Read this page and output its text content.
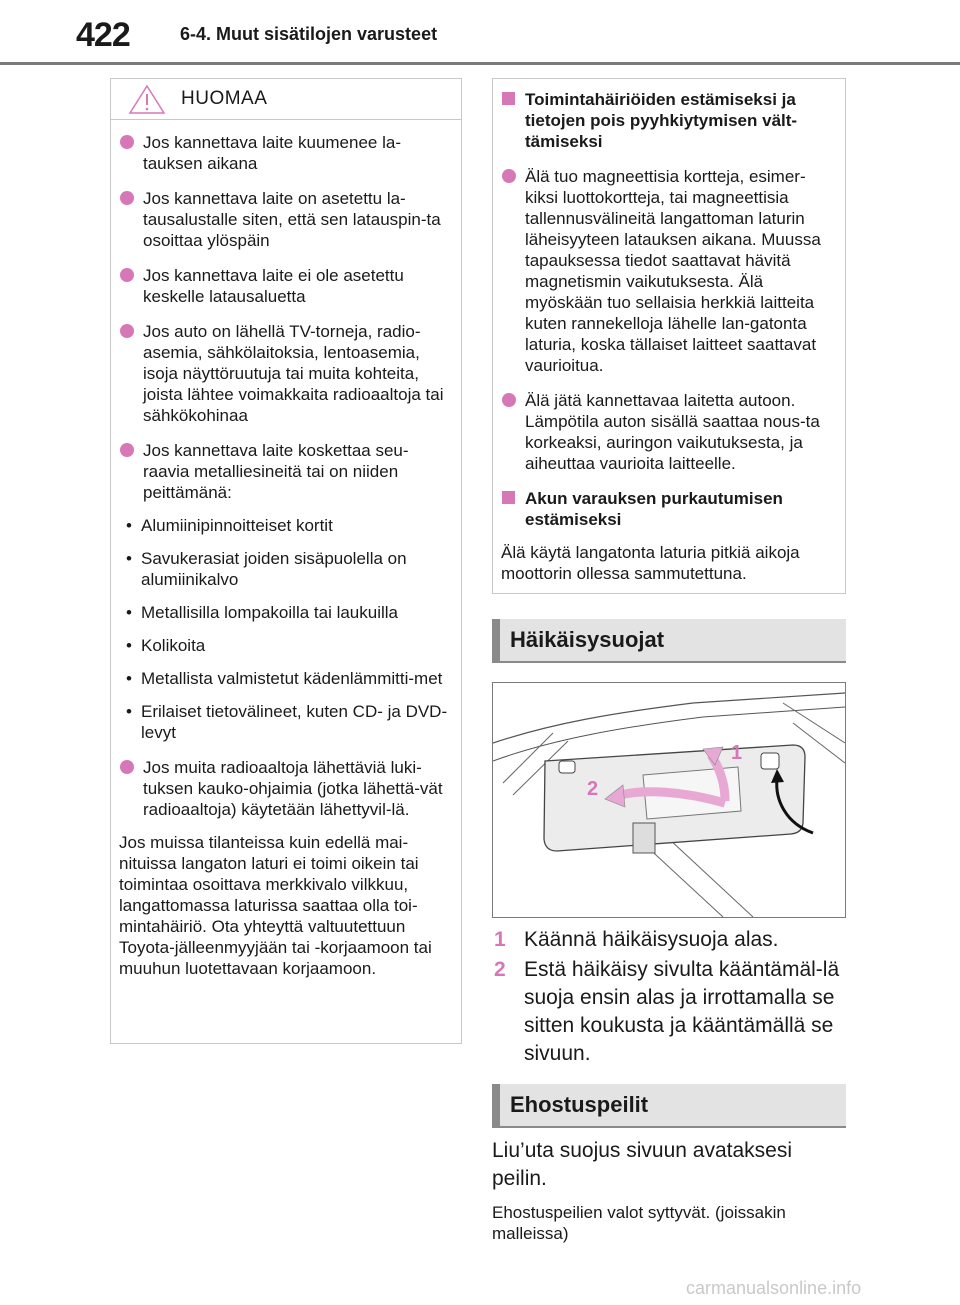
422	6-4. Muut sisätilojen varusteet
HUOMAA
Jos kannettava laite kuumenee la-tauksen aikana
Jos kannettava laite on asetettu la-tausalustalle siten, että sen latauspin-ta osoittaa ylöspäin
Jos kannettava laite ei ole asetettu keskelle latausaluetta
Jos auto on lähellä TV-torneja, radio-asemia, sähkölaitoksia, lentoasemia, isoja näyttöruutuja tai muita kohteita, joista lähtee voimakkaita radioaaltoja tai sähkökohinaa
Jos kannettava laite koskettaa seu-raavia metalliesineitä tai on niiden peittämänä:
• Alumiinipinnoitteiset kortit
• Savukerasiat joiden sisäpuolella on alumiinikalvo
• Metallisilla lompakoilla tai laukuilla
• Kolikoita
• Metallista valmistetut kädenlämmitti-met
• Erilaiset tietovälineet, kuten CD- ja DVD-levyt
Jos muita radioaaltoja lähettäviä luki-tuksen kauko-ohjaimia (jotka lähettä-vät radioaaltoja) käytetään lähettyvil-lä.
Jos muissa tilanteissa kuin edellä mai-nituissa langaton laturi ei toimi oikein tai toimintaa osoittava merkkivalo vilkkuu, langattomassa laturissa saattaa olla toi-mintahäiriö. Ota yhteyttä valtuutettuun Toyota-jälleenmyyjään tai -korjaamoon tai muuhun luotettavaan korjaamoon.
Toimintahäiriöiden estämiseksi ja tietojen pois pyyhkiytymisen vält-tämiseksi
Älä tuo magneettisia kortteja, esimer-kiksi luottokortteja, tai magneettisia tallennusvälineitä langattoman laturin läheisyyteen latauksen aikana. Muussa tapauksessa tiedot saattavat hävitä magnetismin vaikutuksesta. Älä myöskään tuo sellaisia herkkiä laitteita kuten rannekelloja lähelle lan-gatonta laturia, koska tällaiset laitteet saattavat vaurioitua.
Älä jätä kannettavaa laitetta autoon. Lämpötila auton sisällä saattaa nous-ta korkeaksi, auringon vaikutuksesta, ja aiheuttaa vaurioita laitteelle.
Akun varauksen purkautumisen estämiseksi
Älä käytä langatonta laturia pitkiä aikoja moottorin ollessa sammutettuna.
Häikäisysuojat
1
2
1 Käännä häikäisysuoja alas.
2 Estä häikäisy sivulta kääntämäl-lä suoja ensin alas ja irrottamalla se sitten koukusta ja kääntämällä se sivuun.
Ehostuspeilit
Liu’uta suojus sivuun avataksesi peilin.
Ehostuspeilien valot syttyvät. (joissakin malleissa)
carmanualsonline.info
